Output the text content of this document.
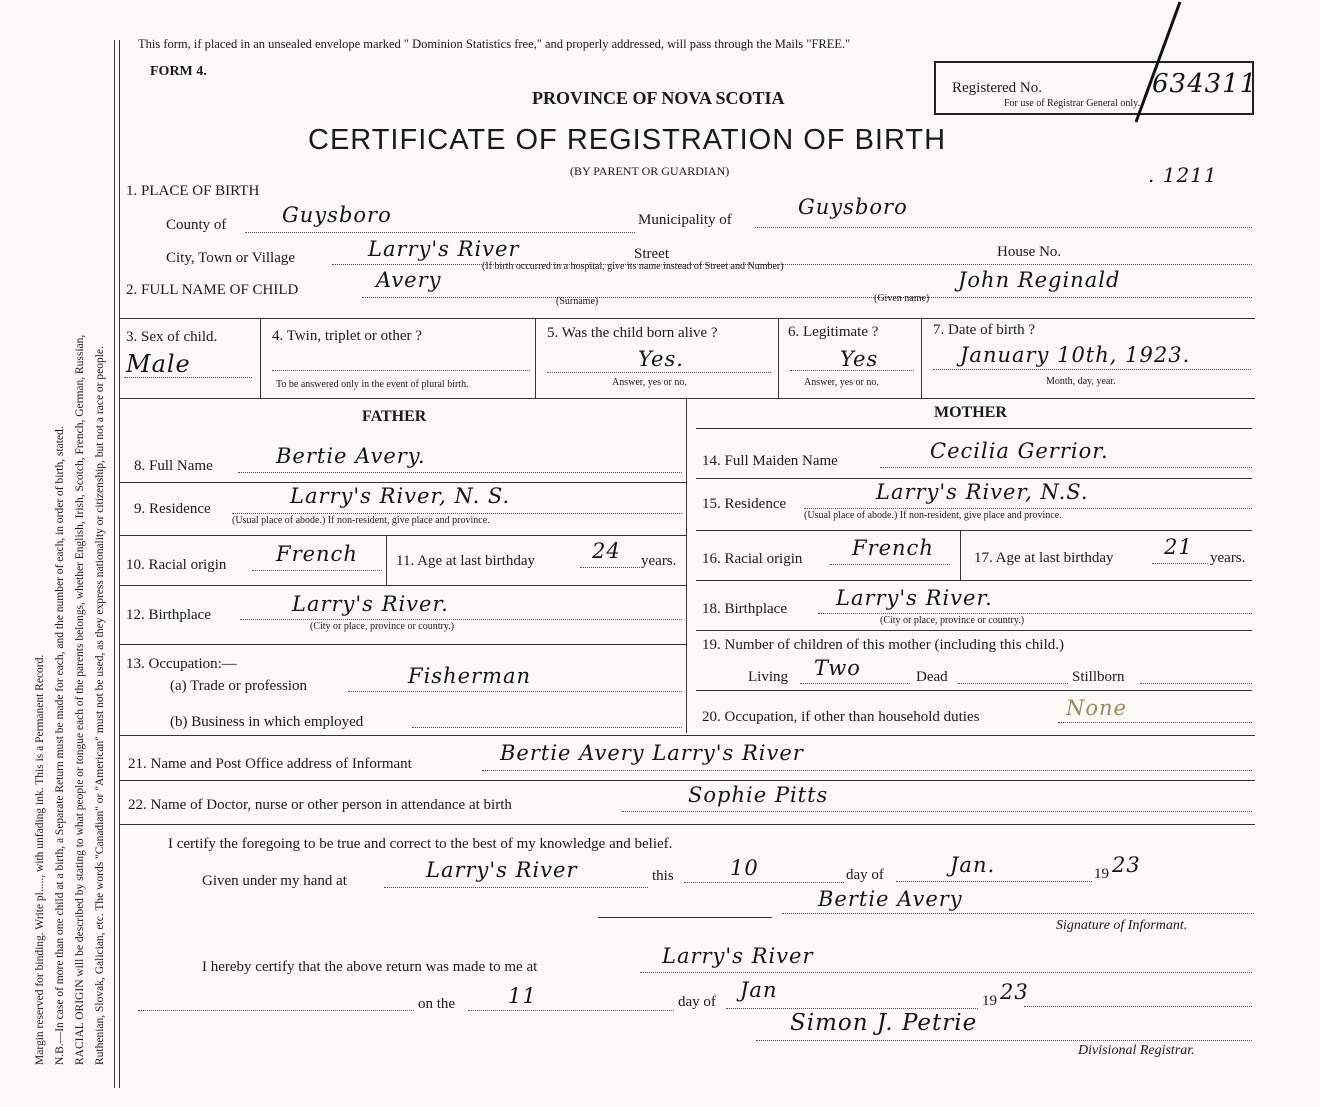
Margin reserved for binding. Write pl....., with unfading ink. This is a Permanent Record. N.B.—In case of more than one child at a birth, a Separate Return must be made for each, and the number of each, in order of birth, stated. RACIAL ORIGIN will be described by stating to what people or tongue each of the parents belongs, whether English, Irish, Scotch, French, German, Russian, Ruthenian, Slovak, Galician, etc. The words "Canadian" or "American" must not be used, as they express nationality or citizenship, but not a race or people.
This form, if placed in an unsealed envelope marked " Dominion Statistics free," and properly addressed, will pass through the Mails "FREE."
FORM 4.
PROVINCE OF NOVA SCOTIA
CERTIFICATE OF REGISTRATION OF BIRTH
(BY PARENT OR GUARDIAN)
Registered No.	634311
For use of Registrar General only.
. 1211
1. PLACE OF BIRTH
County of	Guysboro	Municipality of
Guysboro
City, Town or Village	Larry's River	Street	House No.
(If birth occurred in a hospital, give its name instead of Street and Number)
2. FULL NAME OF CHILD	Avery
(Surname)	(Given name)
John Reginald
3. Sex of child.
Male
4. Twin, triplet or other ?
To be answered only in the event of plural birth.
5. Was the child born alive ?
Yes.
Answer, yes or no.
6. Legitimate ?
Yes
Answer, yes or no.
7. Date of birth ?
January 10th, 1923.
Month, day, year.
FATHER
8. Full Name	Bertie Avery.
9. Residence
Larry's River, N. S.
(Usual place of abode.) If non-resident, give place and province.
10. Racial origin French	11. Age at last birthday	24 years.
12. Birthplace	Larry's River.
(City or place, province or country.)
13. Occupation:—
(a) Trade or profession	Fisherman
(b) Business in which employed
MOTHER
14. Full Maiden Name	Cecilia Gerrior.
15. Residence	Larry's River, N.S.
(Usual place of abode.) If non-resident, give place and province.
16. Racial origin French	17. Age at last birthday 21 years.
18. Birthplace Larry's River.
(City or place, province or country.)
19. Number of children of this mother (including this child.)
Living Two	Dead	Stillborn
20. Occupation, if other than household duties	None
21. Name and Post Office address of Informant	Bertie Avery Larry's River
22. Name of Doctor, nurse or other person in attendance at birth	Sophie Pitts
I certify the foregoing to be true and correct to the best of my knowledge and belief.
Given under my hand at	Larry's River	this	10	day of	Jan.	19 23
Bertie Avery
Signature of Informant.
I hereby certify that the above return was made to me at	Larry's River
on the	11	day of Jan	19 23
Simon J. Petrie
Divisional Registrar.
